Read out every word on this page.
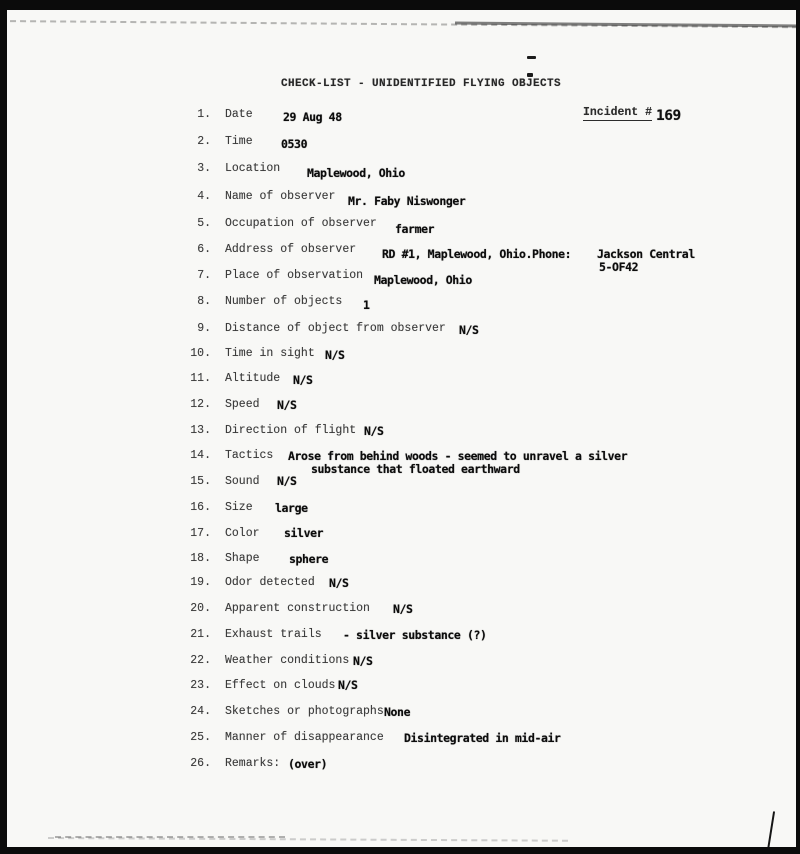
CHECK-LIST - UNIDENTIFIED FLYING OBJECTS
Incident # 169
1. Date	29 Aug 48
2. Time 0530
3. Location Maplewood, Ohio
4. Name of observer Mr. Faby Niswonger
5. Occupation of observer farmer
6. Address of observer RD #1, Maplewood, Ohio.Phone: Jackson Central
5-OF42
7. Place of observation Maplewood, Ohio
8. Number of objects 1
9. Distance of object from observer N/S
10. Time in sight N/S
11. Altitude N/S
12. Speed N/S
13. Direction of flight N/S
14. Tactics Arose from behind woods - seemed to unravel a silver
substance that floated earthward
15. Sound N/S
16. Size large
17. Color silver
18. Shape	sphere
19. Odor detected N/S
20. Apparent construction N/S
21. Exhaust trails - silver substance (?)
22. Weather conditions N/S
23. Effect on clouds N/S
24. Sketches or photographs None
25. Manner of disappearance Disintegrated in mid-air
26. Remarks: (over)
